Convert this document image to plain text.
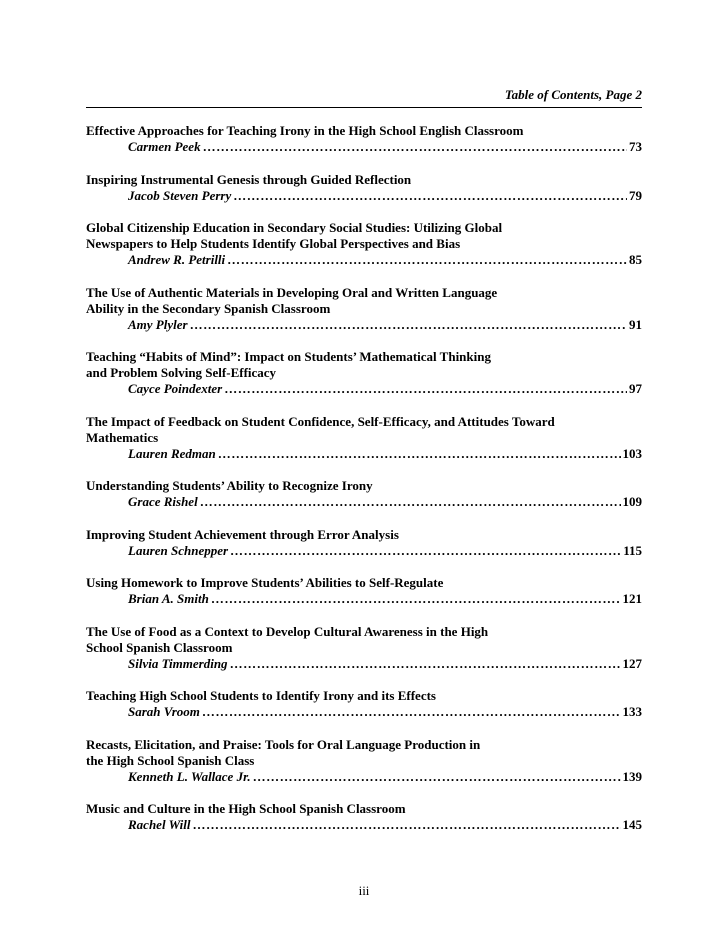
Table of Contents, Page 2
Effective Approaches for Teaching Irony in the High School English Classroom
Carmen Peek …………………………………………………………………………………………………………………………………………	73
Inspiring Instrumental Genesis through Guided Reflection
Jacob Steven Perry …………………………………………………………………………………………………………………………………………	79
Global Citizenship Education in Secondary Social Studies: Utilizing Global
Newspapers to Help Students Identify Global Perspectives and Bias
Andrew R. Petrilli …………………………………………………………………………………………………………………………………………	85
The Use of Authentic Materials in Developing Oral and Written Language
Ability in the Secondary Spanish Classroom
Amy Plyler …………………………………………………………………………………………………………………………………………	91
Teaching “Habits of Mind”: Impact on Students’ Mathematical Thinking
and Problem Solving Self-Efficacy
Cayce Poindexter …………………………………………………………………………………………………………………………………………	97
The Impact of Feedback on Student Confidence, Self-Efficacy, and Attitudes Toward
Mathematics
Lauren Redman …………………………………………………………………………………………………………………………………………	103
Understanding Students’ Ability to Recognize Irony
Grace Rishel …………………………………………………………………………………………………………………………………………	109
Improving Student Achievement through Error Analysis
Lauren Schnepper …………………………………………………………………………………………………………………………………………	115
Using Homework to Improve Students’ Abilities to Self-Regulate
Brian A. Smith …………………………………………………………………………………………………………………………………………	121
The Use of Food as a Context to Develop Cultural Awareness in the High
School Spanish Classroom
Silvia Timmerding …………………………………………………………………………………………………………………………………………	127
Teaching High School Students to Identify Irony and its Effects
Sarah Vroom …………………………………………………………………………………………………………………………………………	133
Recasts, Elicitation, and Praise: Tools for Oral Language Production in
the High School Spanish Class
Kenneth L. Wallace Jr. …………………………………………………………………………………………………………………………………………	139
Music and Culture in the High School Spanish Classroom
Rachel Will …………………………………………………………………………………………………………………………………………	145
iii
